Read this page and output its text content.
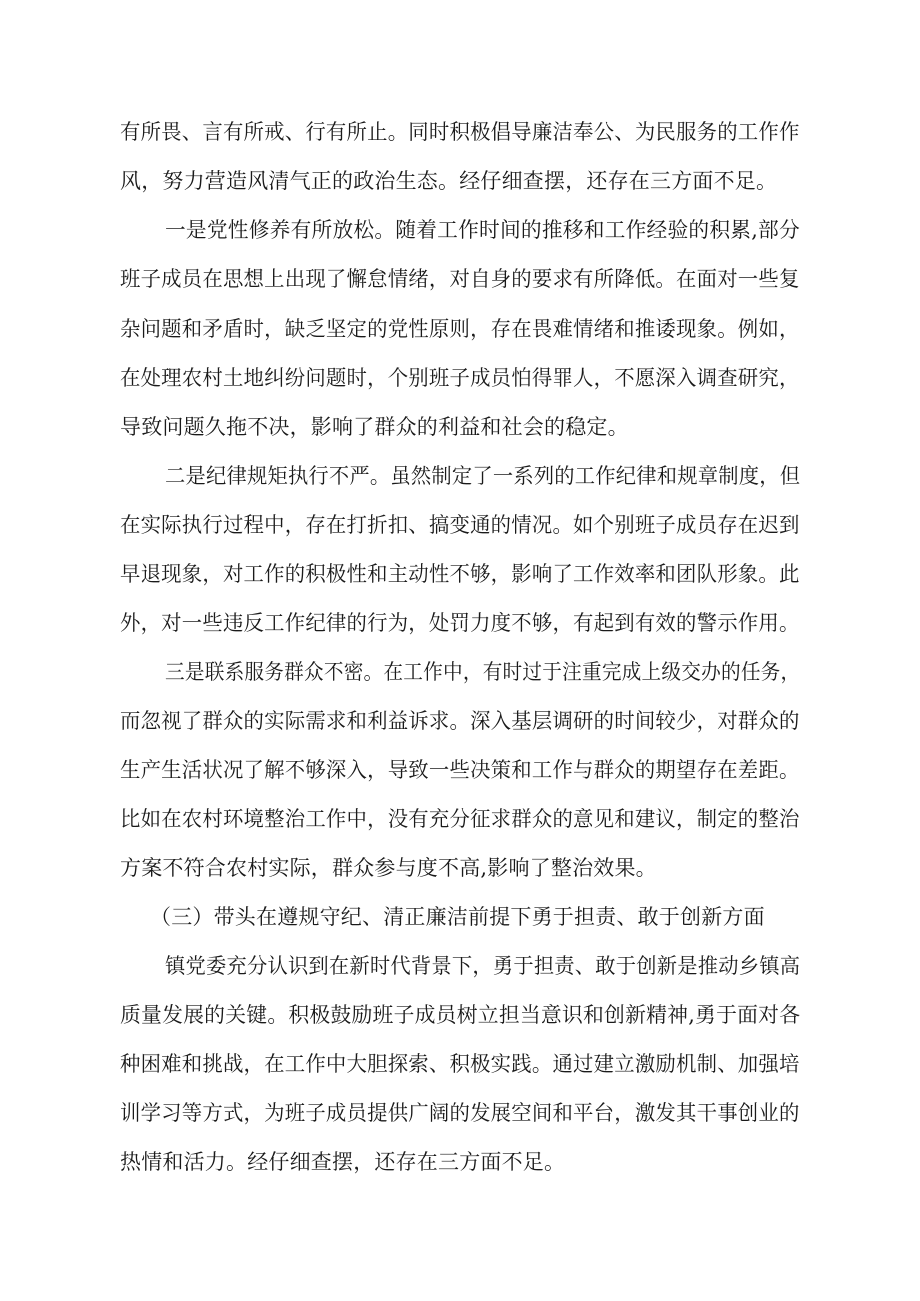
有所畏、言有所戒、行有所止。同时积极倡导廉洁奉公、为民服务的工作作
风，努力营造风清气正的政治生态。经仔细查摆，还存在三方面不足。
一是党性修养有所放松。随着工作时间的推移和工作经验的积累,部分
班子成员在思想上出现了懈怠情绪，对自身的要求有所降低。在面对一些复
杂问题和矛盾时，缺乏坚定的党性原则，存在畏难情绪和推诿现象。例如，
在处理农村土地纠纷问题时，个别班子成员怕得罪人，不愿深入调查研究，
导致问题久拖不决，影响了群众的利益和社会的稳定。
二是纪律规矩执行不严。虽然制定了一系列的工作纪律和规章制度，但
在实际执行过程中，存在打折扣、搞变通的情况。如个别班子成员存在迟到
早退现象，对工作的积极性和主动性不够，影响了工作效率和团队形象。此
外，对一些违反工作纪律的行为，处罚力度不够，有起到有效的警示作用。
三是联系服务群众不密。在工作中，有时过于注重完成上级交办的任务，
而忽视了群众的实际需求和利益诉求。深入基层调研的时间较少，对群众的
生产生活状况了解不够深入，导致一些决策和工作与群众的期望存在差距。
比如在农村环境整治工作中，没有充分征求群众的意见和建议，制定的整治
方案不符合农村实际，群众参与度不高,影响了整治效果。
（三）带头在遵规守纪、清正廉洁前提下勇于担责、敢于创新方面
镇党委充分认识到在新时代背景下，勇于担责、敢于创新是推动乡镇高
质量发展的关键。积极鼓励班子成员树立担当意识和创新精神,勇于面对各
种困难和挑战，在工作中大胆探索、积极实践。通过建立激励机制、加强培
训学习等方式，为班子成员提供广阔的发展空间和平台，激发其干事创业的
热情和活力。经仔细查摆，还存在三方面不足。
